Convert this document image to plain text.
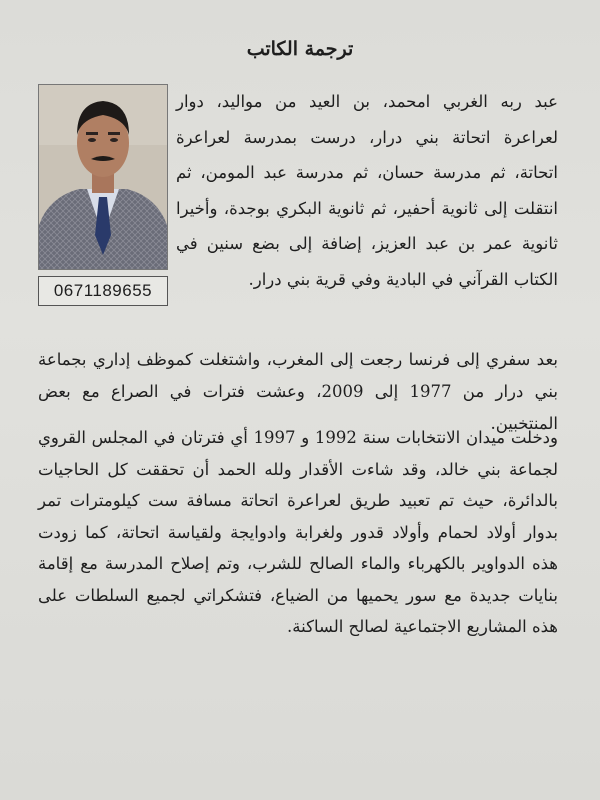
ترجمة الكاتب
0671189655

عبد ربه الغربي امحمد، بن العيد من مواليد، دوار لعراعرة اتحاتة بني درار، درست بمدرسة لعراعرة اتحاتة، ثم مدرسة حسان، ثم مدرسة عبد المومن، ثم انتقلت إلى ثانوية أحفير، ثم ثانوية البكري بوجدة، وأخيرا ثانوية عمر بن عبد العزيز، إضافة إلى بضع سنين في الكتاب القرآني في البادية وفي قرية بني درار.

بعد سفري إلى فرنسا رجعت إلى المغرب، واشتغلت كموظف إداري بجماعة بني درار من 1977 إلى 2009، وعشت فترات في الصراع مع بعض المنتخبين.

ودخلت ميدان الانتخابات سنة 1992 و 1997 أي فترتان في المجلس القروي لجماعة بني خالد، وقد شاءت الأقدار ولله الحمد أن تحققت كل الحاجيات بالدائرة، حيث تم تعبيد طريق لعراعرة اتحاتة مسافة ست كيلومترات تمر بدوار أولاد لحمام وأولاد قدور ولغرابة وادوايجة ولقياسة اتحاتة، كما زودت هذه الدواوير بالكهرباء والماء الصالح للشرب، وتم إصلاح المدرسة مع إقامة بنايات جديدة مع سور يحميها من الضياع، فتشكراتي لجميع السلطات على هذه المشاريع الاجتماعية لصالح الساكنة.
